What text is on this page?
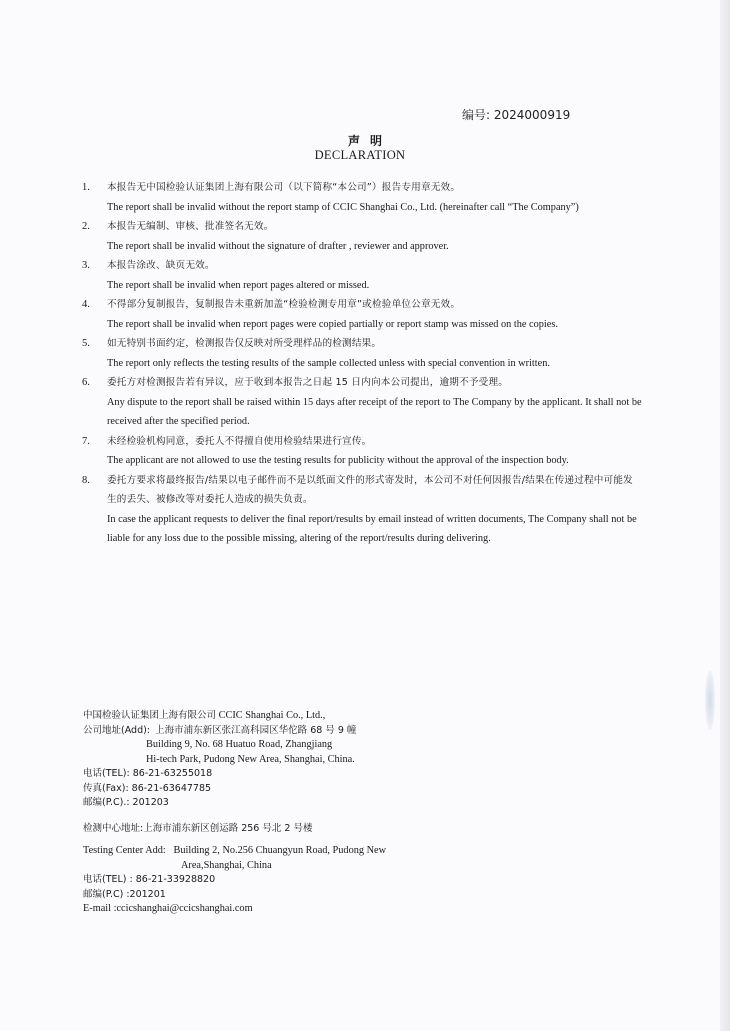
编号: 2024000919
声明
DECLARATION
1. 本报告无中国检验认证集团上海有限公司（以下简称“本公司”）报告专用章无效。
The report shall be invalid without the report stamp of CCIC Shanghai Co., Ltd. (hereinafter call “The Company”)
2. 本报告无编制、审核、批准签名无效。
The report shall be invalid without the signature of drafter , reviewer and approver.
3. 本报告涂改、缺页无效。
The report shall be invalid when report pages altered or missed.
4. 不得部分复制报告，复制报告未重新加盖“检验检测专用章”或检验单位公章无效。
The report shall be invalid when report pages were copied partially or report stamp was missed on the copies.
5. 如无特别书面约定，检测报告仅反映对所受理样品的检测结果。
The report only reflects the testing results of the sample collected unless with special convention in written.
6. 委托方对检测报告若有异议，应于收到本报告之日起 15 日内向本公司提出，逾期不予受理。
Any dispute to the report shall be raised within 15 days after receipt of the report to The Company by the applicant. It shall not be received after the specified period.
7. 未经检验机构同意，委托人不得擅自使用检验结果进行宣传。
The applicant are not allowed to use the testing results for publicity without the approval of the inspection body.
8. 委托方要求将最终报告/结果以电子邮件而不是以纸面文件的形式寄发时，本公司不对任何因报告/结果在传递过程中可能发生的丢失、被修改等对委托人造成的损失负责。
In case the applicant requests to deliver the final report/results by email instead of written documents, The Company shall not be liable for any loss due to the possible missing, altering of the report/results during delivering.
中国检验认证集团上海有限公司 CCIC Shanghai Co., Ltd.,
公司地址(Add): 上海市浦东新区张江高科园区华佗路 68 号 9 幢
Building 9, No. 68 Huatuo Road, Zhangjiang
Hi-tech Park, Pudong New Area, Shanghai, China.
电话(TEL): 86-21-63255018
传真(Fax): 86-21-63647785
邮编(P.C).: 201203
检测中心地址:上海市浦东新区创运路 256 号北 2 号楼
Testing Center Add: Building 2, No.256 Chuangyun Road, Pudong New
Area,Shanghai, China
电话(TEL) : 86-21-33928820
邮编(P.C) :201201
E-mail :ccicshanghai@ccicshanghai.com
